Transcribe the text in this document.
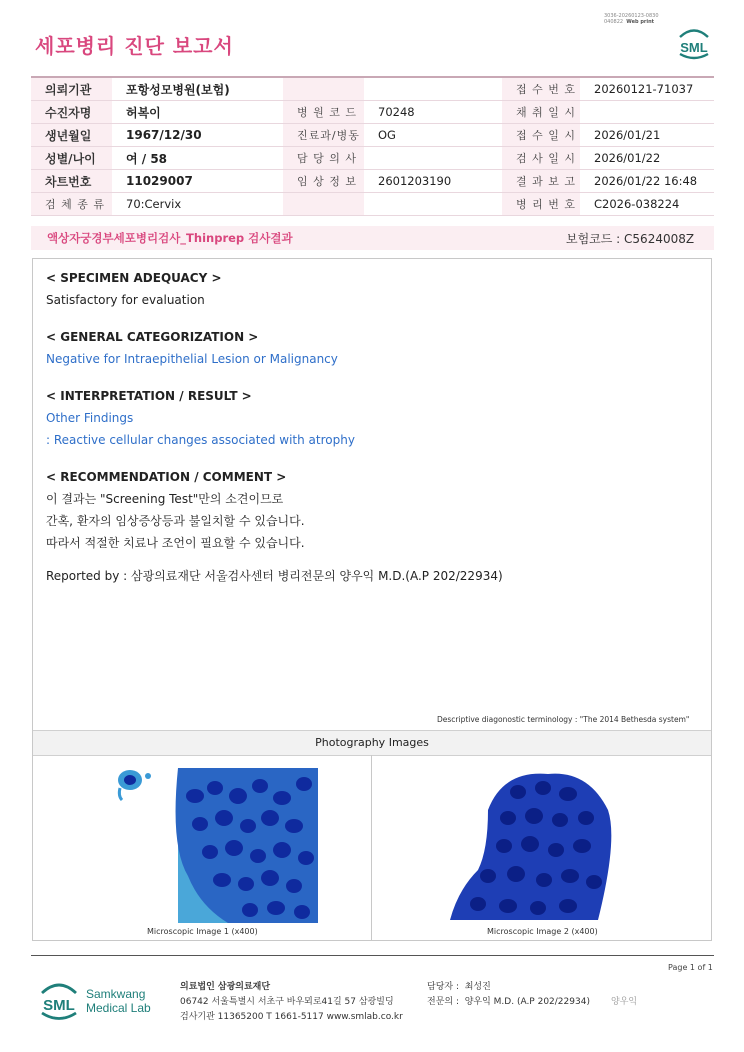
세포병리 진단 보고서
3036-20260123-0830
040822 Web print
SML
의뢰기관	포항성모병원(보험)			접 수 번 호	20260121-71037
수진자명	허복이	병 원 코 드	70248	채 취 일 시	
생년월일	1967/12/30	진료과/병동	OG	접 수 일 시	2026/01/21
성별/나이	여 / 58	담 당 의 사		검 사 일 시	2026/01/22
차트번호	11029007	임 상 정 보	2601203190	결 과 보 고	2026/01/22 16:48
검 체 종 류	70:Cervix			병 리 번 호	C2026-038224
액상자궁경부세포병리검사_Thinprep 검사결과	보험코드 : C5624008Z
< SPECIMEN ADEQUACY >
Satisfactory for evaluation
< GENERAL CATEGORIZATION >
Negative for Intraepithelial Lesion or Malignancy
< INTERPRETATION / RESULT >
Other Findings
: Reactive cellular changes associated with atrophy
< RECOMMENDATION / COMMENT >
이 결과는 "Screening Test"만의 소견이므로
간혹, 환자의 임상증상등과 불일치할 수 있습니다.
따라서 적절한 치료나 조언이 필요할 수 있습니다.
Reported by : 삼광의료재단 서울검사센터 병리전문의 양우익 M.D.(A.P 202/22934)
Descriptive diagonostic terminology : "The 2014 Bethesda system"
Photography Images
Microscopic Image 1 (x400)	Microscopic Image 2 (x400)
Page 1 of 1
SML
Samkwang
Medical Lab
의료법인 삼광의료재단
06742 서울특별시 서초구 바우뫼로41길 57 삼광빌딩
검사기관 11365200 T 1661-5117 www.smlab.co.kr
담당자 : 최성진
전문의 : 양우익 M.D. (A.P 202/22934) 양우익
